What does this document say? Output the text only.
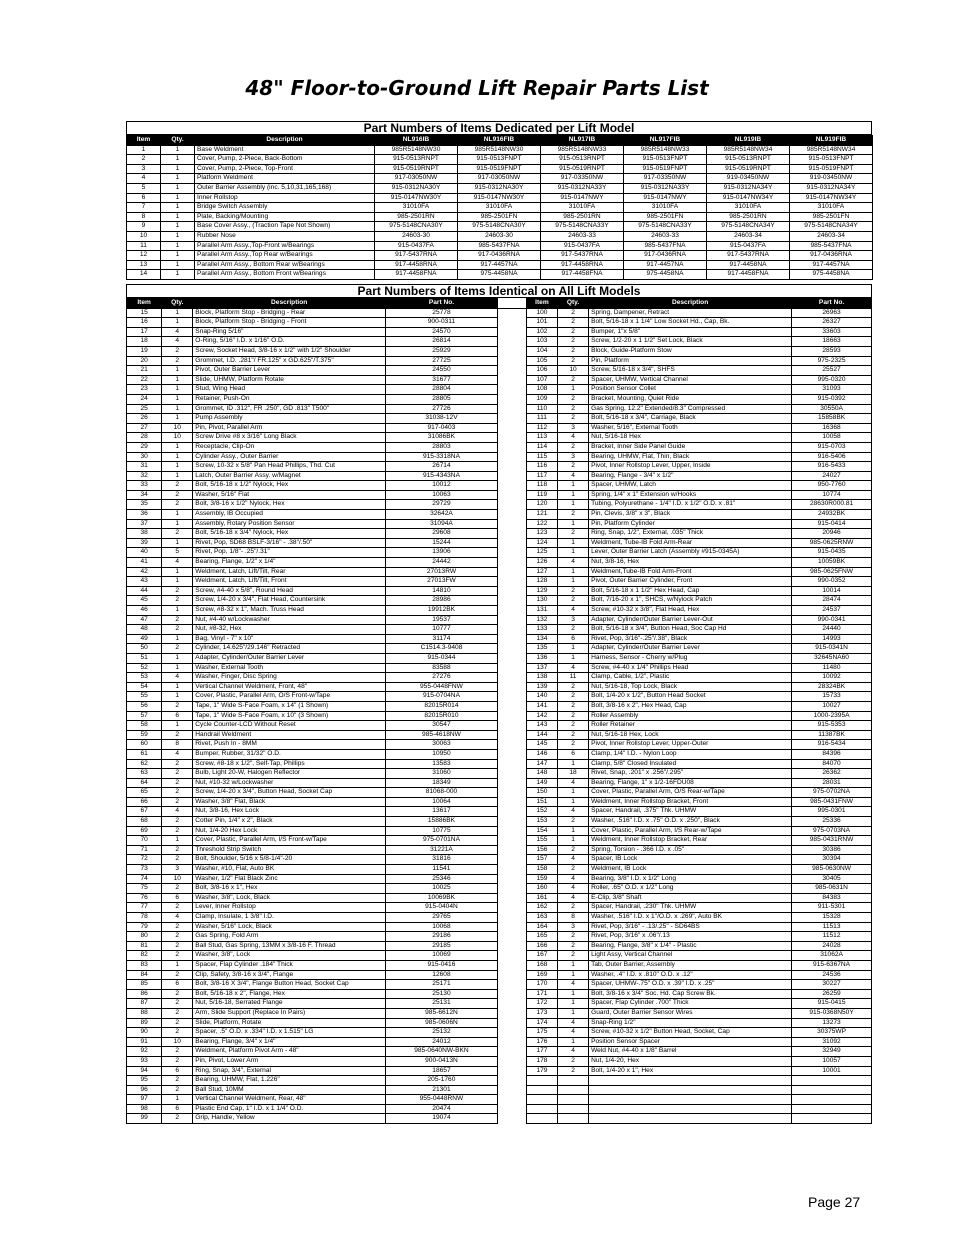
48" Floor-to-Ground Lift Repair Parts List
Part Numbers of Items Dedicated per Lift Model
Item	Qty.	Description	NL916IB	NL916FIB	NL917IB	NL917FIB	NL919IB	NL919FIB
1	1	Base Weldment	985R5148NW30	985R5148NW30	985R5148NW33	985R5148NW33	985R5148NW34	985R5148NW34
2	1	Cover, Pump, 2-Piece, Back-Bottom	915-0513RNPT	915-0513FNPT	915-0513RNPT	915-0513FNPT	915-0513RNPT	915-0513FNPT
3	1	Cover, Pump, 2-Piece, Top-Front	915-0519RNPT	915-0519FNPT	915-0519RNPT	915-0519FNPT	915-0519RNPT	915-0519FNPT
4	1	Platform Weldment	917-03050NW	917-03050NW	917-03350NW	917-03350NW	919-03450NW	919-03450NW
5	1	Outer Barrier Assembly (inc. 5,10,31,165,168)	915-0312NA30Y	915-0312NA30Y	915-0312NA33Y	915-0312NA33Y	915-0312NA34Y	915-0312NA34Y
6	1	Inner Rollstop	915-0147NW30Y	915-0147NW30Y	915-0147NWY	915-0147NWY	915-0147NW34Y	915-0147NW34Y
7	1	Bridge Switch Assembly	31010FA	31010FA	31010FA	31010FA	31010FA	31010FA
8	1	Plate, Backing/Mounting	985-2501RN	985-2501FN	985-2501RN	985-2501FN	985-2501RN	985-2501FN
9	1	Base Cover Assy., (Traction Tape Not Shown)	975-5148CNA30Y	975-5148CNA30Y	975-5148CNA33Y	975-5148CNA33Y	975-5148CNA34Y	975-5148CNA34Y
10	1	Rubber Nose	24603-30	24603-30	24603-33	24603-33	24603-34	24603-34
11	1	Parallel Arm Assy.,Top-Front w/Bearings	915-0437FA	985-5437FNA	915-0437FA	985-5437FNA	915-0437FA	985-5437FNA
12	1	Parallel Arm Assy.,Top Rear w/Bearings	917-5437RNA	917-0436RNA	917-5437RNA	917-0436RNA	917-5437RNA	917-0436RNA
13	1	Parallel Arm Assy., Bottom Rear w/Bearings	917-4458RNA	917-4457NA	917-4458RNA	917-4457NA	917-4458NA	917-4457NA
14	1	Parallel Arm Assy., Bottom Front w/Bearings	917-4458FNA	975-4458NA	917-4458FNA	975-4458NA	917-4458FNA	975-4458NA
Part Numbers of Items Identical on All Lift Models
Item	Qty.	Description	Part No.		Item	Qty.	Description	Part No.
15	1	Block, Platform Stop - Bridging - Rear	25778		100	2	Spring, Dampener, Retract	26963
16	1	Block, Platform Stop - Bridging - Front	900-0311		101	2	Bolt, 5/16-18 x 1 1/4" Low Socket Hd., Cap, Bk.	26327
17	4	Snap-Ring 5/16"	24570		102	2	Bumper, 1"x 5/8"	33603
18	4	O-Ring, 5/16" I.D. x 1/16" O.D.	26814		103	2	Screw, 1/2-20 x 1 1/2" Set Lock, Black	18663
19	2	Screw, Socket Head, 3/8-16 x 1/2" with 1/2" Shoulder	25929		104	2	Block, Guide-Platform Stow	28593
20	2	Grommet, I.D. .281"/ FR.125" x GD.625"/T.375"	27725		105	2	Pin, Platform	975-2325
21	1	Pivot, Outer Barrier Lever	24550		106	10	Screw, 5/16-18 x 3/4", SHFS	25527
22	1	Slide, UHMW, Platform Rotate	31677		107	2	Spacer, UHMW, Vertical Channel	995-0320
23	1	Stud, Wing Head	28804		108	1	Position Sensor Collet	31093
24	1	Retainer, Push-On	28805		109	2	Bracket, Mounting, Quiet Ride	915-0392
25	1	Grommet, ID .312", FR .250", GD .813" T500"	27726		110	2	Gas Spring, 12.2" Extended/8.3" Compressed	30550A
26	1	Pump Assembly	31038-12V		111	2	Bolt, 5/16-18 x 3/4", Carriage, Black	15858BK
27	10	Pin, Pivot, Parallel Arm	917-0403		112	3	Washer, 5/16", External Tooth	16368
28	10	Screw Drive #8 x 3/16" Long Black	31086BK		113	4	Nut, 5/16-18 Hex	10058
29	1	Receptacle, Clip-On	28803		114	2	Bracket, Inner Side Panel Guide	915-0703
30	1	Cylinder Assy., Outer Barrier	915-3318NA		115	3	Bearing, UHMW, Flat, Thin, Black	916-5406
31	1	Screw, 10-32 x 5/8" Pan Head Phillips, Thd. Cut	26714		116	2	Pivot, Inner Rollstop Lever, Upper, Inside	916-5433
32	1	Latch, Outer Barrier Assy. w/Magnet	915-4343NA		117	4	Bearing, Flange - 3/4" x 1/2"	24027
33	2	Bolt, 5/16-18 x 1/2" Nylock, Hex	10012		118	1	Spacer, UHMW, Latch	950-7760
34	2	Washer, 5/16" Flat	10063		119	1	Spring, 1/4" x 1" Extension w/Hooks	10774
35	2	Bolt, 3/8-16 x 1/2" Nylock, Hex	29729		120	1	Tubing, Polyurethane - 1/4" I.D. x 1/2" O.D. x .81"	28630R000.81
36	1	Assembly, IB Occupied	32642A		121	2	Pin, Clevis, 3/8" x 3", Black	24932BK
37	1	Assembly, Rotary Position Sensor	31094A		122	1	Pin, Platform Cylinder	915-0414
38	2	Bolt, 5/16-18 x 3/4" Nylock, Hex	29608		123	2	Ring, Snap, 1/2", External, .035" Thick	20946
39	1	Rivet, Pop, SD68 BSLF-3/16" - .38"/.50"	15244		124	1	Weldment, Tube-IB Fold Arm-Rear	985-0625RNW
40	5	Rivet, Pop, 1/8"- .25"/.31"	13906		125	1	Lever, Outer Barrier Latch (Assembly #915-0345A)	915-0435
41	4	Bearing, Flange, 1/2" x 1/4"	24442		126	4	Nut, 3/8-16, Hex	10059BK
42	1	Weldment, Latch, Lift/Tilt, Rear	27013RW		127	1	Weldment,Tube-IB Fold Arm-Front	985-0625FNW
43	1	Weldment, Latch, Lift/Tilt, Front	27013FW		128	1	Pivot, Outer Barrier Cylinder, Front	990-0352
44	2	Screw, #4-40 x 5/8", Round Head	14810		129	2	Bolt, 5/16-18 x 1 1/2" Hex Head, Cap	10014
45	2	Screw, 1/4-20 x 3/4", Flat Head, Countersink	28986		130	2	Bolt, 7/16-20 x 1", SHCS, w/Nylock Patch	28474
46	1	Screw, #8-32 x 1", Mach. Truss Head	19912BK		131	4	Screw, #10-32 x 3/8", Flat Head, Hex	24537
47	2	Nut, #4-40 w/Lockwasher	19537		132	3	Adapter, Cylinder/Outer Barrier Lever-Out	990-0341
48	2	Nut, #8-32, Hex	10777		133	2	Bolt, 5/16-18 x 3/4", Button Head, Soc Cap Hd	24440
49	1	Bag, Vinyl - 7" x 10"	31174		134	6	Rivet, Pop, 3/16"-.25"/.38", Black	14993
50	2	Cylinder, 14.625"/29.146" Retracted	C1514.3-9408		135	1	Adapter, Cylinder/Outer Barrier Lever	915-0341N
51	1	Adapter, Cylinder/Outer Barrier Lever	915-0344		136	1	Harness, Sensor - Cherry w/Plug	32645NA60
52	1	Washer, External Tooth	83588		137	4	Screw, #4-40 x 1/4" Phillips Head	11480
53	4	Washer, Finger, Disc Spring	27276		138	11	Clamp, Cable, 1/2", Plastic	10092
54	1	Vertical Channel Weldment, Front, 48"	955-0448FNW		139	2	Nut, 5/16-18, Top Lock, Black	28324BK
55	1	Cover, Plastic, Parallel Arm, O/S Front-w/Tape	915-0704NA		140	2	Bolt, 1/4-20 x 1/2", Button Head Socket	15733
56	2	Tape, 1" Wide S-Face Foam, x 14" (1 Shown)	82015R014		141	2	Bolt, 3/8-16 x 2", Hex Head, Cap	10027
57	6	Tape, 1" Wide S-Face Foam, x 10" (3 Shown)	82015R010		142	2	Roller Assembly	1000-2395A
58	1	Cycle Counter-LCD Without Reset	30547		143	2	Roller Retainer	915-5353
59	2	Handrail Weldment	985-4618NW		144	2	Nut, 5/16-18 Hex, Lock	11387BK
60	8	Rivet, Push In - 8MM	30063		145	2	Pivot, Inner Rollstop Lever, Upper-Outer	916-5434
61	4	Bumper, Rubber, 31/32" O.D.	10950		146	6	Clamp, 1/4" I.D. - Nylon Loop	84396
62	2	Screw, #8-18 x 1/2", Self-Tap, Phillips	13583		147	1	Clamp, 5/8" Closed Insulated	84070
63	2	Bulb, Light 20-W, Halogen Reflector	31060		148	18	Rivet, Snap, .201" x .256"/.295"	26362
64	2	Nut, #10-32 w/Lockwasher	18349		149	4	Bearing, Flange, 1" x 1/2-16FDU08	28031
65	2	Screw, 1/4-20 x 3/4", Button Head, Socket Cap	81068-000		150	1	Cover, Plastic, Parallel Arm, O/S Rear-w/Tape	975-0702NA
66	2	Washer, 3/8" Flat, Black	10064		151	1	Weldment, Inner Rollstop Bracket, Front	985-0431FNW
67	4	Nut, 3/8-16, Hex Lock	13617		152	4	Spacer, Handrail, .375" Thk. UHMW	995-0301
68	2	Cotter Pin, 1/4" x 2", Black	15886BK		153	2	Washer, .516" I.D. x .75" O.D. x .250", Black	25336
69	2	Nut, 1/4-20 Hex Lock	10775		154	1	Cover, Plastic, Parallel Arm, I/S Rear-w/Tape	975-0703NA
70	1	Cover, Plastic, Parallel Arm, I/S Front-w/Tape	975-0701NA		155	1	Weldment, Inner Rollstop Bracket, Rear	985-0431RNW
71	2	Threshold Strip Switch	31221A		156	2	Spring, Torsion - .366 I.D. x .05"	30386
72	2	Bolt, Shoulder, 5/16 x 5/8-1/4"-20	31816		157	4	Spacer, IB Lock	30394
73	3	Washer, #10, Flat, Auto BK	11541		158	2	Weldment, IB Lock	985-0630NW
74	10	Washer, 1/2" Flat Black Zinc	25346		159	4	Bearing, 3/8" I.D. x 1/2" Long	30405
75	2	Bolt, 3/8-16 x 1", Hex	10025		160	4	Roller, .65" O.D. x 1/2" Long	985-0631N
76	6	Washer, 3/8", Lock, Black	10069BK		161	4	E-Clip, 3/8" Shaft	84383
77	2	Lever, Inner Rollstop	915-0404N		162	2	Spacer, Handrail, .230" Thk. UHMW	911-5301
78	4	Clamp, Insulate, 1 3/8" I.D.	29765		163	8	Washer, .516" I.D. x 1"/O.D. x .269", Auto BK	15328
79	2	Washer, 5/16" Lock, Black	10068		164	3	Rivet, Pop, 3/16" - .13/.25" - SD64BS	11513
80	2	Gas Spring, Fold Arm	29186		165	2	Rivet, Pop, 3/16" x .06"/.13	11512
81	2	Ball Stud, Gas Spring, 13MM x 3/8-16 F. Thread	29185		166	2	Bearing, Flange, 3/8" x 1/4" - Plastic	24028
82	2	Washer, 3/8", Lock	10069		167	2	Light Assy, Vertical Channel	31062A
83	1	Spacer, Flap Cylinder .184" Thick	915-0416		168	1	Tab, Outer Barrier, Assembly	915-6367NA
84	2	Clip, Safety, 3/8-16 x 3/4", Flange	12608		169	1	Washer, .4" I.D. x .810" O.D. x .12"	24536
85	6	Bolt, 3/8-16 X 3/4", Flange Button Head, Socket Cap	25171		170	4	Spacer, UHMW-.75" O.D. x .39" I.D. x .25"	30227
86	2	Bolt, 5/16-18 x 2", Flange, Hex	25130		171	1	Bolt, 3/8-16 x 3/4" Soc. Hd. Cap Screw Bk.	26259
87	2	Nut, 5/16-18, Serrated Flange	25131		172	1	Spacer, Flap Cylinder .700" Thick	915-0415
88	2	Arm, Slide Support (Replace In Pairs)	985-6612N		173	1	Guard, Outer Barrier Sensor Wires	915-0368N50Y
89	2	Slide, Platform, Rotate	985-0606N		174	4	Snap-Ring 1/2"	13273
90	2	Spacer, .5" O.D. x .334" I.D. x 1.515" LG	25132		175	4	Screw, #10-32 x 1/2" Button Head, Socket, Cap	30375WP
91	10	Bearing, Flange, 3/4" x 1/4"	24012		176	1	Position Sensor Spacer	31092
92	2	Weldment, Platform Pivot Arm - 48"	985-0640NW-BKN		177	4	Weld Nut, #4-40 x 1/8" Barrel	32949
93	2	Pin, Pivot, Lower Arm	900-0413N		178	2	Nut, 1/4-20, Hex	10057
94	6	Ring, Snap, 3/4", External	18657		179	2	Bolt, 1/4-20 x 1", Hex	10001
95	2	Bearing, UHMW, Flat, 1.226"	205-1760					
96	2	Ball Stud, 10MM	21301					
97	1	Vertical Channel Weldment, Rear, 48"	955-0448RNW					
98	6	Plastic End Cap, 1" I.D. x 1 1/4" O.D.	20474					
99	2	Grip, Handle, Yellow	19074					
Page 27
